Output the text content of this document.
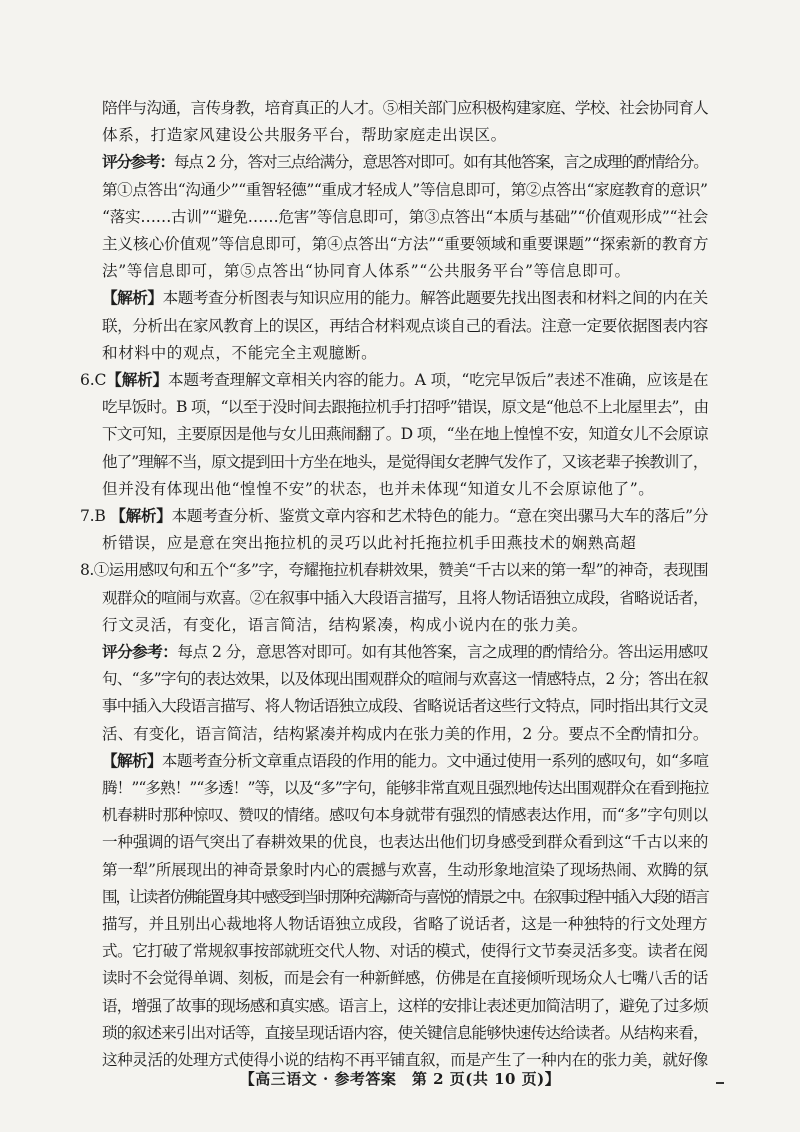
陪伴与沟通，言传身教，培育真正的人才。⑤相关部门应积极构建家庭、学校、社会协同育人
体系，打造家风建设公共服务平台，帮助家庭走出误区。
评分参考：每点 2 分，答对三点给满分，意思答对即可。如有其他答案，言之成理的酌情给分。
第①点答出“沟通少”“重智轻德”“重成才轻成人”等信息即可，第②点答出“家庭教育的意识”
“落实……古训”“避免……危害”等信息即可，第③点答出“本质与基础”“价值观形成”“社会
主义核心价值观”等信息即可，第④点答出“方法”“重要领域和重要课题”“探索新的教育方
法”等信息即可，第⑤点答出“协同育人体系”“公共服务平台”等信息即可。
【解析】本题考查分析图表与知识应用的能力。解答此题要先找出图表和材料之间的内在关
联，分析出在家风教育上的误区，再结合材料观点谈自己的看法。注意一定要依据图表内容
和材料中的观点，不能完全主观臆断。
6.C【解析】本题考查理解文章相关内容的能力。A 项，“吃完早饭后”表述不准确，应该是在
吃早饭时。B 项，“以至于没时间去跟拖拉机手打招呼”错误，原文是“他总不上北屋里去”，由
下文可知，主要原因是他与女儿田燕闹翻了。D 项，“坐在地上惶惶不安，知道女儿不会原谅
他了”理解不当，原文提到田十方坐在地头，是觉得闺女老脾气发作了，又该老辈子挨教训了，
但并没有体现出他“惶惶不安”的状态，也并未体现“知道女儿不会原谅他了”。
7.B 【解析】本题考查分析、鉴赏文章内容和艺术特色的能力。“意在突出骡马大车的落后”分
析错误，应是意在突出拖拉机的灵巧以此衬托拖拉机手田燕技术的娴熟高超
8.①运用感叹句和五个“多”字，夸耀拖拉机春耕效果，赞美“千古以来的第一犁”的神奇，表现围
观群众的喧闹与欢喜。②在叙事中插入大段语言描写，且将人物话语独立成段，省略说话者，
行文灵活，有变化，语言简洁，结构紧凑，构成小说内在的张力美。
评分参考：每点 2 分，意思答对即可。如有其他答案，言之成理的酌情给分。答出运用感叹
句、“多”字句的表达效果，以及体现出围观群众的喧闹与欢喜这一情感特点，2 分；答出在叙
事中插入大段语言描写、将人物话语独立成段、省略说话者这些行文特点，同时指出其行文灵
活、有变化，语言简洁，结构紧凑并构成内在张力美的作用，2 分。要点不全酌情扣分。
【解析】本题考查分析文章重点语段的作用的能力。文中通过使用一系列的感叹句，如“多喧
腾！”“多熟！”“多透！”等，以及“多”字句，能够非常直观且强烈地传达出围观群众在看到拖拉
机春耕时那种惊叹、赞叹的情绪。感叹句本身就带有强烈的情感表达作用，而“多”字句则以
一种强调的语气突出了春耕效果的优良，也表达出他们切身感受到群众看到这“千古以来的
第一犁”所展现出的神奇景象时内心的震撼与欢喜，生动形象地渲染了现场热闹、欢腾的氛
围，让读者仿佛能置身其中感受到当时那种充满新奇与喜悦的情景之中。在叙事过程中插入大段的语言
描写，并且别出心裁地将人物话语独立成段，省略了说话者，这是一种独特的行文处理方
式。它打破了常规叙事按部就班交代人物、对话的模式，使得行文节奏灵活多变。读者在阅
读时不会觉得单调、刻板，而是会有一种新鲜感，仿佛是在直接倾听现场众人七嘴八舌的话
语，增强了故事的现场感和真实感。语言上，这样的安排让表述更加简洁明了，避免了过多烦
琐的叙述来引出对话等，直接呈现话语内容，使关键信息能够快速传达给读者。从结构来看，
这种灵活的处理方式使得小说的结构不再平铺直叙，而是产生了一种内在的张力美，就好像
【高三语文 · 参考答案　第 2 页(共 10 页)】
